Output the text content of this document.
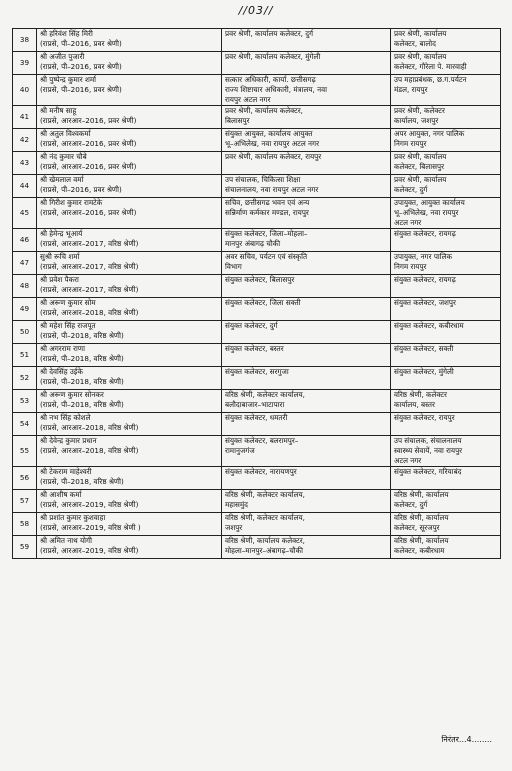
//03//
38	श्री हरिवंश सिंह मिरी
(राप्रसे, पी–2016, प्रवर श्रेणी)	प्रवर श्रेणी, कार्यालय कलेक्टर, दुर्ग	प्रवर श्रेणी, कार्यालय
कलेक्टर, बालोद

39	श्री अजीत पुजारी
(राप्रसे, पी–2016, प्रवर श्रेणी)	प्रवर श्रेणी, कार्यालय कलेक्टर, मुंगेली	प्रवर श्रेणी, कार्यालय
कलेक्टर, गौरेला पे. मारवाही

40	श्री पुष्पेन्द्र कुमार शर्मा
(राप्रसे, पी–2016, प्रवर श्रेणी)	सत्कार अधिकारी, कार्या. छत्तीसगढ़
राज्य शिष्टाचार अधिकारी, मंत्रालय, नवा
रायपुर अटल नगर	उप महाप्रबंधक, छ.ग.पर्यटन
मंडल, रायपुर

41	श्री मनीष साहू
(राप्रसे, आरआर–2016, प्रवर श्रेणी)	प्रवर श्रेणी, कार्यालय कलेक्टर,
बिलासपुर	प्रवर श्रेणी, कलेक्टर
कार्यालय, जशपुर

42	श्री अतुल विश्वकर्मा
(राप्रसे, आरआर–2016, प्रवर श्रेणी)	संयुक्त आयुक्त, कार्यालय आयुक्त
भू–अभिलेख, नवा रायपुर अटल नगर	अपर आयुक्त, नगर पालिक
निगम रायपुर

43	श्री नंद कुमार चौबे
(राप्रसे, आरआर–2016, प्रवर श्रेणी)	प्रवर श्रेणी, कार्यालय कलेक्टर, रायपुर	प्रवर श्रेणी, कार्यालय
कलेक्टर, बिलासपुर

44	श्री खेमलाल वर्मा
(राप्रसे, पी–2016, प्रवर श्रेणी)	उप संचालक, चिकित्सा शिक्षा
संचालनालय, नवा रायपुर अटल नगर	प्रवर श्रेणी, कार्यालय
कलेक्टर, दुर्ग

45	श्री गिरीश कुमार रामटेके
(राप्रसे, आरआर–2016, प्रवर श्रेणी)	सचिव, छत्तीसगढ भवन एवं अन्य
सन्निर्माण कर्मकार मण्डल, रायपुर	उपायुक्त, आयुक्त कार्यालय
भू–अभिलेख, नवा रायपुर
अटल नगर

46	श्री हेमेन्द्र भूआर्य
(राप्रसे, आरआर–2017, वरिष्ठ श्रेणी)	संयुक्त कलेक्टर, जिला–मोहला–
मानपुर अंबागढ़ चौकी	संयुक्त कलेक्टर, रायगढ़

47	सुश्री रूचि शर्मा
(राप्रसे, आरआर–2017, वरिष्ठ श्रेणी)	अवर सचिव, पर्यटन एवं संस्कृति
विभाग	उपायुक्त, नगर पालिक
निगम रायपुर

48	श्री प्रवेश पैकरा
(राप्रसे, आरआर–2017, वरिष्ठ श्रेणी)	संयुक्त कलेक्टर, बिलासपुर	संयुक्त कलेक्टर, रायगढ़

49	श्री अरूण कुमार सोम
(राप्रसे, आरआर–2018, वरिष्ठ श्रेणी)	संयुक्त कलेक्टर, जिला सक्ती	संयुक्त कलेक्टर, जशपुर

50	श्री महेश सिंह राजपूत
(राप्रसे, पी–2018, वरिष्ठ श्रेणी)	संयुक्त कलेक्टर, दुर्ग	संयुक्त कलेक्टर, कबीरधाम

51	श्री अगरराम राणा
(राप्रसे, पी–2018, वरिष्ठ श्रेणी)	संयुक्त कलेक्टर, बस्तर	संयुक्त कलेक्टर, सक्ती

52	श्री देवसिंह उईके
(राप्रसे, पी–2018, वरिष्ठ श्रेणी)	संयुक्त कलेक्टर, सरगुजा	संयुक्त कलेक्टर, मुंगेली

53	श्री अरूण कुमार सोनकर
(राप्रसे, पी–2018, वरिष्ठ श्रेणी)	वरिष्ठ श्रेणी, कलेक्टर कार्यालय,
बलौदाबाजार–भाटापारा	वरिष्ठ श्रेणी, कलेक्टर
कार्यालय, बस्तर

54	श्री नभ सिंह कोशले
(राप्रसे, आरआर–2018, वरिष्ठ श्रेणी)	संयुक्त कलेक्टर, धमतरी	संयुक्त कलेक्टर, रायपुर

55	श्री देवेन्द्र कुमार प्रधान
(राप्रसे, आरआर–2018, वरिष्ठ श्रेणी)	संयुक्त कलेक्टर, बलरामपुर–
रामानुजगंज	उप संचालक, संचालनालय
स्वास्थ्य सेवायें, नवा रायपुर
अटल नगर

56	श्री टेकराम माहेश्वरी
(राप्रसे, पी–2018, वरिष्ठ श्रेणी)	संयुक्त कलेक्टर, नारायणपुर	संयुक्त कलेक्टर, गरियाबंद

57	श्री आशीष कर्मा
(राप्रसे, आरआर–2019, वरिष्ठ श्रेणी)	वरिष्ठ श्रेणी, कलेक्टर कार्यालय,
महासमुंद	वरिष्ठ श्रेणी, कार्यालय
कलेक्टर, दुर्ग

58	श्री प्रशांत कुमार कुशवाहा
(राप्रसे, आरआर–2019, वरिष्ठ श्रेणी )	वरिष्ठ श्रेणी, कलेक्टर कार्यालय,
जशपुर	वरिष्ठ श्रेणी, कार्यालय
कलेक्टर, सूरजपुर

59	श्री अमित नाथ योगी
(राप्रसे, आरआर–2019, वरिष्ठ श्रेणी)	वरिष्ठ श्रेणी, कार्यालय कलेक्टर,
मोहला–मानपुर–अंबागढ़–चौकी	वरिष्ठ श्रेणी, कार्यालय
कलेक्टर, कबीरधाम
निरंतर...4........
